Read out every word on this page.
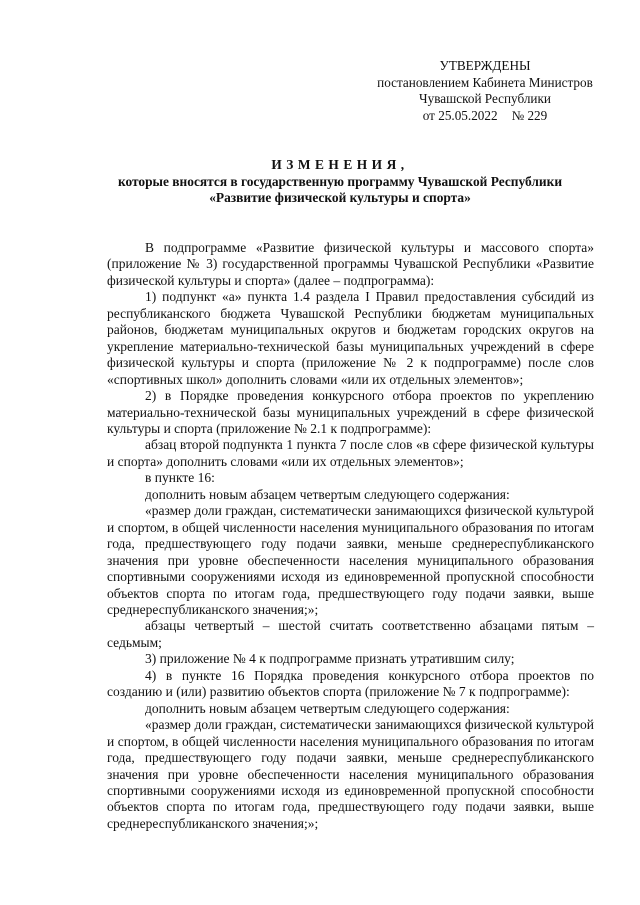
УТВЕРЖДЕНЫ
постановлением Кабинета Министров
Чувашской Республики
от 25.05.2022 № 229
ИЗМЕНЕНИЯ,
которые вносятся в государственную программу Чувашской Республики
«Развитие физической культуры и спорта»

В подпрограмме «Развитие физической культуры и массового спорта» (приложение № 3) государственной программы Чувашской Республики «Развитие физической культуры и спорта» (далее – подпрограмма):

1) подпункт «а» пункта 1.4 раздела I Правил предоставления субсидий из республиканского бюджета Чувашской Республики бюджетам муниципальных районов, бюджетам муниципальных округов и бюджетам городских округов на укрепление материально-технической базы муниципальных учреждений в сфере физической культуры и спорта (приложение № 2 к подпрограмме) после слов «спортивных школ» дополнить словами «или их отдельных элементов»;

2) в Порядке проведения конкурсного отбора проектов по укреплению материально-технической базы муниципальных учреждений в сфере физической культуры и спорта (приложение № 2.1 к подпрограмме):

абзац второй подпункта 1 пункта 7 после слов «в сфере физической культуры и спорта» дополнить словами «или их отдельных элементов»;

в пункте 16:

дополнить новым абзацем четвертым следующего содержания:

«размер доли граждан, систематически занимающихся физической культурой и спортом, в общей численности населения муниципального образования по итогам года, предшествующего году подачи заявки, меньше среднереспубликанского значения при уровне обеспеченности населения муниципального образования спортивными сооружениями исходя из единовременной пропускной способности объектов спорта по итогам года, предшествующего году подачи заявки, выше среднереспубликанского значения;»;

абзацы четвертый – шестой считать соответственно абзацами пятым – седьмым;

3) приложение № 4 к подпрограмме признать утратившим силу;

4) в пункте 16 Порядка проведения конкурсного отбора проектов по созданию и (или) развитию объектов спорта (приложение № 7 к подпрограмме):

дополнить новым абзацем четвертым следующего содержания:

«размер доли граждан, систематически занимающихся физической культурой и спортом, в общей численности населения муниципального образования по итогам года, предшествующего году подачи заявки, меньше среднереспубликанского значения при уровне обеспеченности населения муниципального образования спортивными сооружениями исходя из единовременной пропускной способности объектов спорта по итогам года, предшествующего году подачи заявки, выше среднереспубликанского значения;»;
